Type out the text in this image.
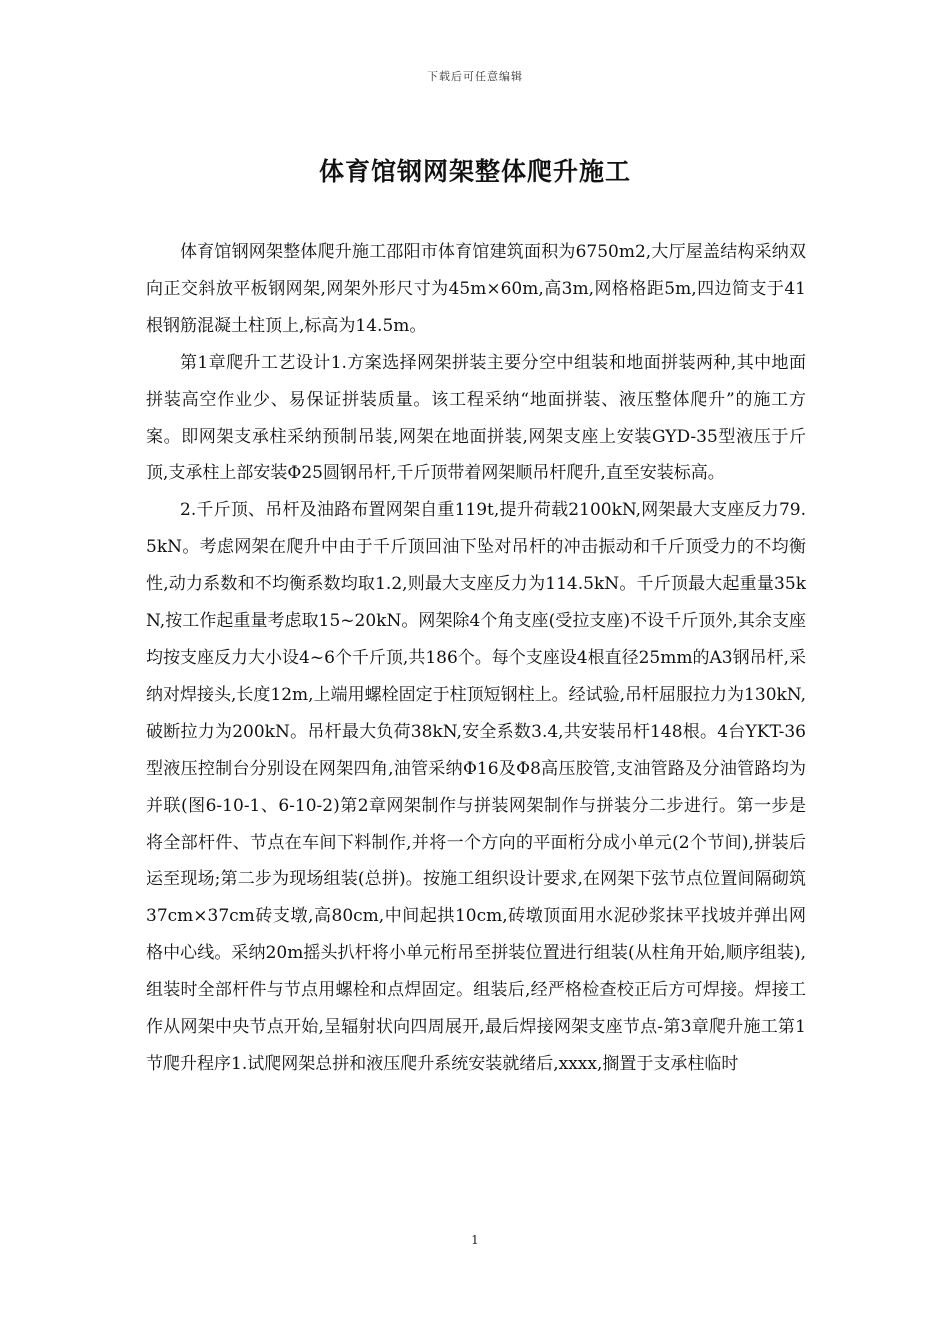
下载后可任意编辑
体育馆钢网架整体爬升施工

体育馆钢网架整体爬升施工邵阳市体育馆建筑面积为6750m2,大厅屋盖结构采纳双向正交斜放平板钢网架,网架外形尺寸为45m×60m,高3m,网格格距5m,四边简支于41根钢筋混凝土柱顶上,标高为14.5m。

第1章爬升工艺设计1.方案选择网架拼装主要分空中组装和地面拼装两种,其中地面拼装高空作业少、易保证拼装质量。该工程采纳“地面拼装、液压整体爬升”的施工方案。即网架支承柱采纳预制吊装,网架在地面拼装,网架支座上安装GYD-35型液压于斤顶,支承柱上部安装Φ25圆钢吊杆,千斤顶带着网架顺吊杆爬升,直至安装标高。

2.千斤顶、吊杆及油路布置网架自重119t,提升荷载2100kN,网架最大支座反力79.5kN。考虑网架在爬升中由于千斤顶回油下坠对吊杆的冲击振动和千斤顶受力的不均衡性,动力系数和不均衡系数均取1.2,则最大支座反力为114.5kN。千斤顶最大起重量35kN,按工作起重量考虑取15~20kN。网架除4个角支座(受拉支座)不设千斤顶外,其余支座均按支座反力大小设4~6个千斤顶,共186个。每个支座设4根直径25mm的A3钢吊杆,采纳对焊接头,长度12m,上端用螺栓固定于柱顶短钢柱上。经试验,吊杆屈服拉力为130kN,破断拉力为200kN。吊杆最大负荷38kN,安全系数3.4,共安装吊杆148根。4台YKT-36型液压控制台分别设在网架四角,油管采纳Φ16及Φ8高压胶管,支油管路及分油管路均为并联(图6-10-1、6-10-2)第2章网架制作与拼装网架制作与拼装分二步进行。第一步是将全部杆件、节点在车间下料制作,并将一个方向的平面桁分成小单元(2个节间),拼装后运至现场;第二步为现场组装(总拼)。按施工组织设计要求,在网架下弦节点位置间隔砌筑37cm×37cm砖支墩,高80cm,中间起拱10cm,砖墩顶面用水泥砂浆抹平找坡并弹出网格中心线。采纳20m摇头扒杆将小单元桁吊至拼装位置进行组装(从柱角开始,顺序组装),组装时全部杆件与节点用螺栓和点焊固定。组装后,经严格检查校正后方可焊接。焊接工作从网架中央节点开始,呈辐射状向四周展开,最后焊接网架支座节点-第3章爬升施工第1节爬升程序1.试爬网架总拼和液压爬升系统安装就绪后,xxxx,搁置于支承柱临时

1
